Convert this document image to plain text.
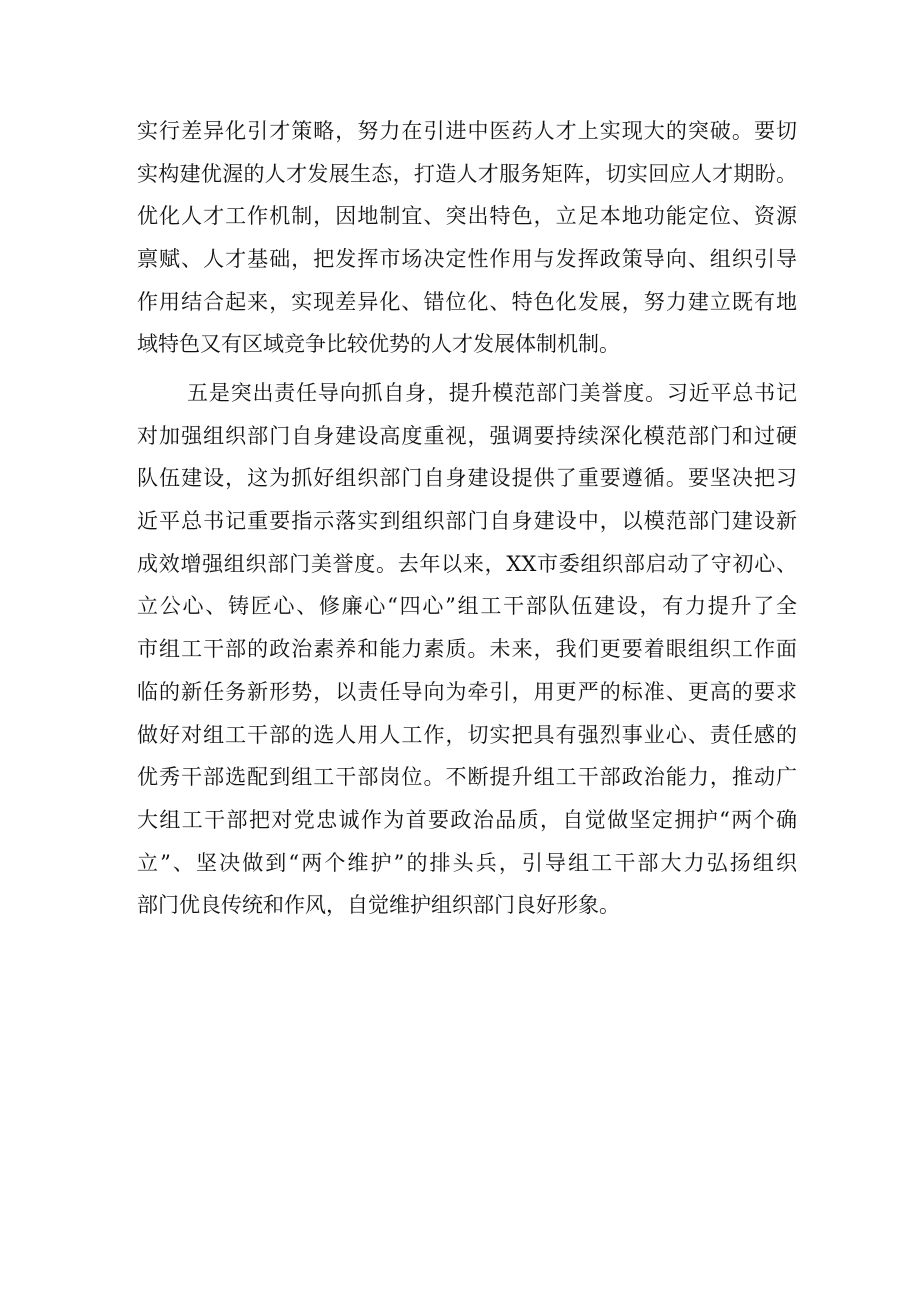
实行差异化引才策略，努力在引进中医药人才上实现大的突破。要切
实构建优渥的人才发展生态，打造人才服务矩阵，切实回应人才期盼。
优化人才工作机制，因地制宜、突出特色，立足本地功能定位、资源
禀赋、人才基础，把发挥市场决定性作用与发挥政策导向、组织引导
作用结合起来，实现差异化、错位化、特色化发展，努力建立既有地
域特色又有区域竞争比较优势的人才发展体制机制。
五是突出责任导向抓自身，提升模范部门美誉度。习近平总书记
对加强组织部门自身建设高度重视，强调要持续深化模范部门和过硬
队伍建设，这为抓好组织部门自身建设提供了重要遵循。要坚决把习
近平总书记重要指示落实到组织部门自身建设中，以模范部门建设新
成效增强组织部门美誉度。去年以来，XX市委组织部启动了守初心、
立公心、铸匠心、修廉心“四心”组工干部队伍建设，有力提升了全
市组工干部的政治素养和能力素质。未来，我们更要着眼组织工作面
临的新任务新形势，以责任导向为牵引，用更严的标准、更高的要求
做好对组工干部的选人用人工作，切实把具有强烈事业心、责任感的
优秀干部选配到组工干部岗位。不断提升组工干部政治能力，推动广
大组工干部把对党忠诚作为首要政治品质，自觉做坚定拥护“两个确
立”、坚决做到“两个维护”的排头兵，引导组工干部大力弘扬组织
部门优良传统和作风，自觉维护组织部门良好形象。
